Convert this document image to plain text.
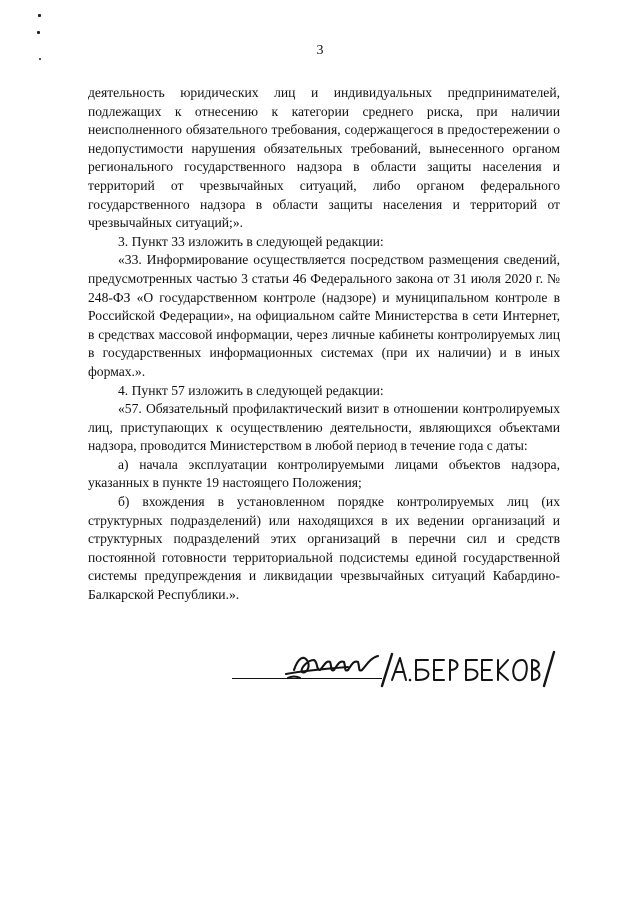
3

деятельность юридических лиц и индивидуальных предпринимателей, подлежащих к отнесению к категории среднего риска, при наличии неисполненного обязательного требования, содержащегося в предостережении о недопустимости нарушения обязательных требований, вынесенного органом регионального государственного надзора в области защиты населения и территорий от чрезвычайных ситуаций, либо органом федерального государственного надзора в области защиты населения и территорий от чрезвычайных ситуаций;».

3. Пункт 33 изложить в следующей редакции:

«33. Информирование осуществляется посредством размещения сведений, предусмотренных частью 3 статьи 46 Федерального закона от 31 июля 2020 г. № 248-ФЗ «О государственном контроле (надзоре) и муниципальном контроле в Российской Федерации», на официальном сайте Министерства в сети Интернет, в средствах массовой информации, через личные кабинеты контролируемых лиц в государственных информационных системах (при их наличии) и в иных формах.».

4. Пункт 57 изложить в следующей редакции:

«57. Обязательный профилактический визит в отношении контролируемых лиц, приступающих к осуществлению деятельности, являющихся объектами надзора, проводится Министерством в любой период в течение года с даты:

а) начала эксплуатации контролируемыми лицами объектов надзора, указанных в пункте 19 настоящего Положения;

б) вхождения в установленном порядке контролируемых лиц (их структурных подразделений) или находящихся в их ведении организаций и структурных подразделений этих организаций в перечни сил и средств постоянной готовности территориальной подсистемы единой государственной системы предупреждения и ликвидации чрезвычайных ситуаций Кабардино-Балкарской Республики.».
